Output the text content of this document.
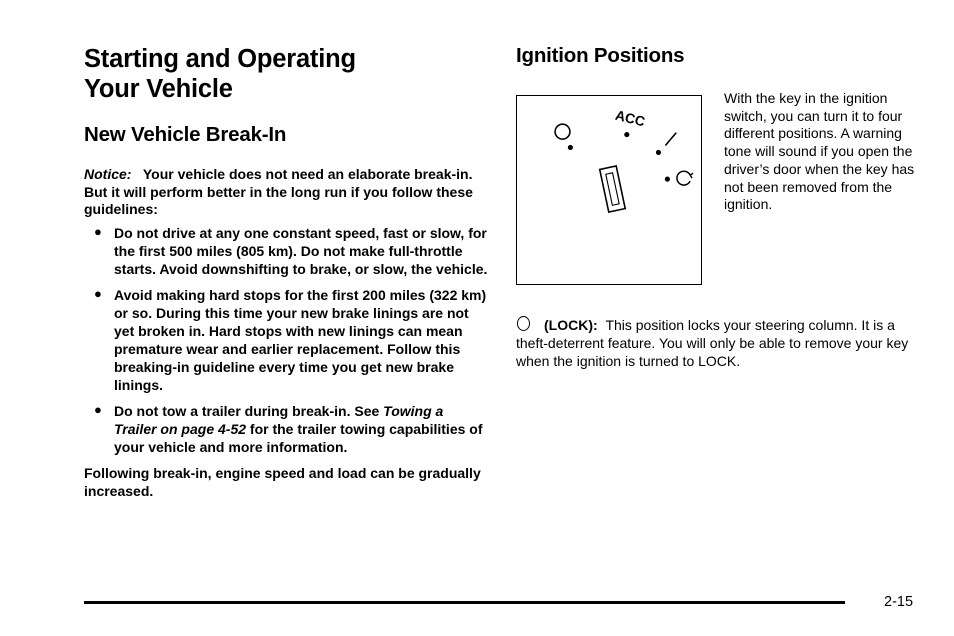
Starting and Operating
Your Vehicle
New Vehicle Break-In

Notice: Your vehicle does not need an elaborate break-in. But it will perform better in the long run if you follow these guidelines:

● Do not drive at any one constant speed, fast or slow, for the first 500 miles (805 km). Do not make full-throttle starts. Avoid downshifting to brake, or slow, the vehicle.
● Avoid making hard stops for the first 200 miles (322 km) or so. During this time your new brake linings are not yet broken in. Hard stops with new linings can mean premature wear and earlier replacement. Follow this breaking-in guideline every time you get new brake linings.
● Do not tow a trailer during break-in. See Towing a Trailer on page 4-52 for the trailer towing capabilities of your vehicle and more information.

Following break-in, engine speed and load can be gradually increased.

Ignition Positions
ACC

With the key in the ignition switch, you can turn it to four different positions. A warning tone will sound if you open the driver’s door when the key has not been removed from the ignition.

(LOCK): This position locks your steering column. It is a theft-deterrent feature. You will only be able to remove your key when the ignition is turned to LOCK.

2-15
